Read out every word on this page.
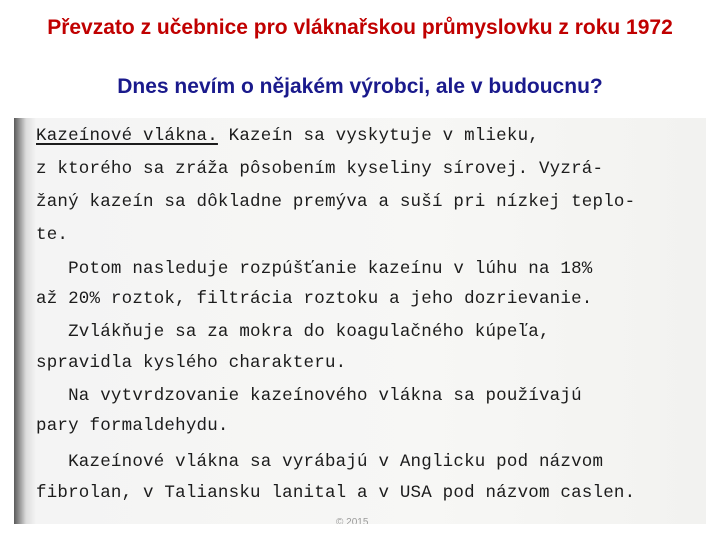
Převzato z učebnice pro vláknařskou průmyslovku z roku 1972
Dnes nevím o nějakém výrobci, ale v budoucnu?
Kazeínové vlákna. Kazeín sa vyskytuje v mlieku,
z ktorého sa zráža pôsobením kyseliny sírovej. Vyzrá-
žaný kazeín sa dôkladne premýva a suší pri nízkej teplo-
te.
Potom nasleduje rozpúšťanie kazeínu v lúhu na 18%
až 20% roztok, filtrácia roztoku a jeho dozrievanie.
Zvlákňuje sa za mokra do koagulačného kúpeľa,
spravidla kyslého charakteru.
Na vytvrdzovanie kazeínového vlákna sa používajú
pary formaldehydu.
Kazeínové vlákna sa vyrábajú v Anglicku pod názvom
fibrolan, v Taliansku lanital a v USA pod názvom caslen.
© 2015
